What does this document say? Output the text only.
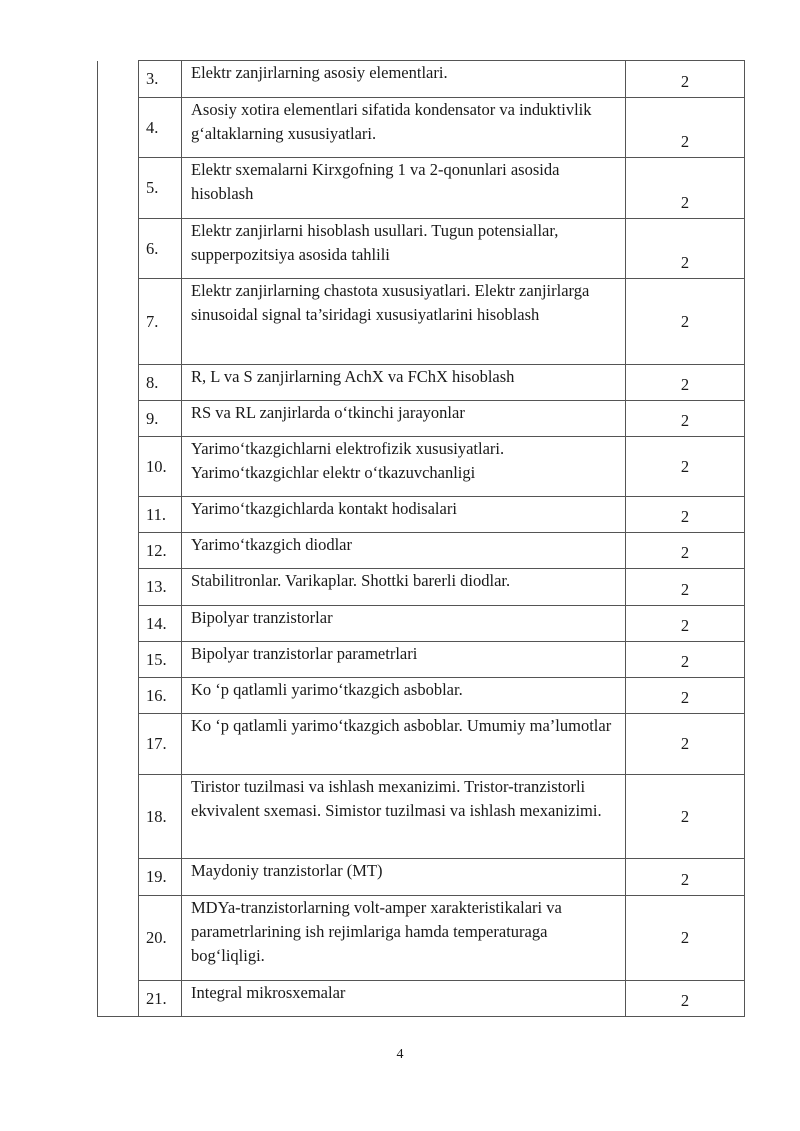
	3.	Elektr zanjirlarning asosiy elementlari.	2
	4.	Asosiy xotira elementlari sifatida kondensator va induktivlik g‘altaklarning xususiyatlari.	2
	5.	Elektr sxemalarni Kirxgofning 1 va 2-qonunlari asosida hisoblash	2
	6.	Elektr zanjirlarni hisoblash usullari. Tugun potensiallar, supperpozitsiya asosida tahlili	2
	7.	Elektr zanjirlarning chastota xususiyatlari. Elektr zanjirlarga sinusoidal signal ta’siridagi xususiyatlarini hisoblash	2
	8.	R, L va S zanjirlarning AchX va FChX hisoblash	2
	9.	RS va RL zanjirlarda o‘tkinchi jarayonlar	2
	10.	Yarimo‘tkazgichlarni elektrofizik xususiyatlari. Yarimo‘tkazgichlar elektr o‘tkazuvchanligi	2
	11.	Yarimo‘tkazgichlarda kontakt hodisalari	2
	12.	Yarimo‘tkazgich diodlar	2
	13.	Stabilitronlar. Varikaplar. Shottki barerli diodlar.	2
	14.	Bipolyar tranzistorlar	2
	15.	Bipolyar tranzistorlar parametrlari	2
	16.	Ko ‘p qatlamli yarimo‘tkazgich asboblar.	2
	17.	Ko ‘p qatlamli yarimo‘tkazgich asboblar. Umumiy ma’lumotlar	2
	18.	Tiristor tuzilmasi va ishlash mexanizimi. Tristor-tranzistorli ekvivalent sxemasi. Simistor tuzilmasi va ishlash mexanizimi.	2
	19.	Maydoniy tranzistorlar (MT)	2
	20.	MDYa-tranzistorlarning volt-amper xarakteristikalari va parametrlarining ish rejimlariga hamda temperaturaga bog‘liqligi.	2
	21.	Integral mikrosxemalar	2
4
